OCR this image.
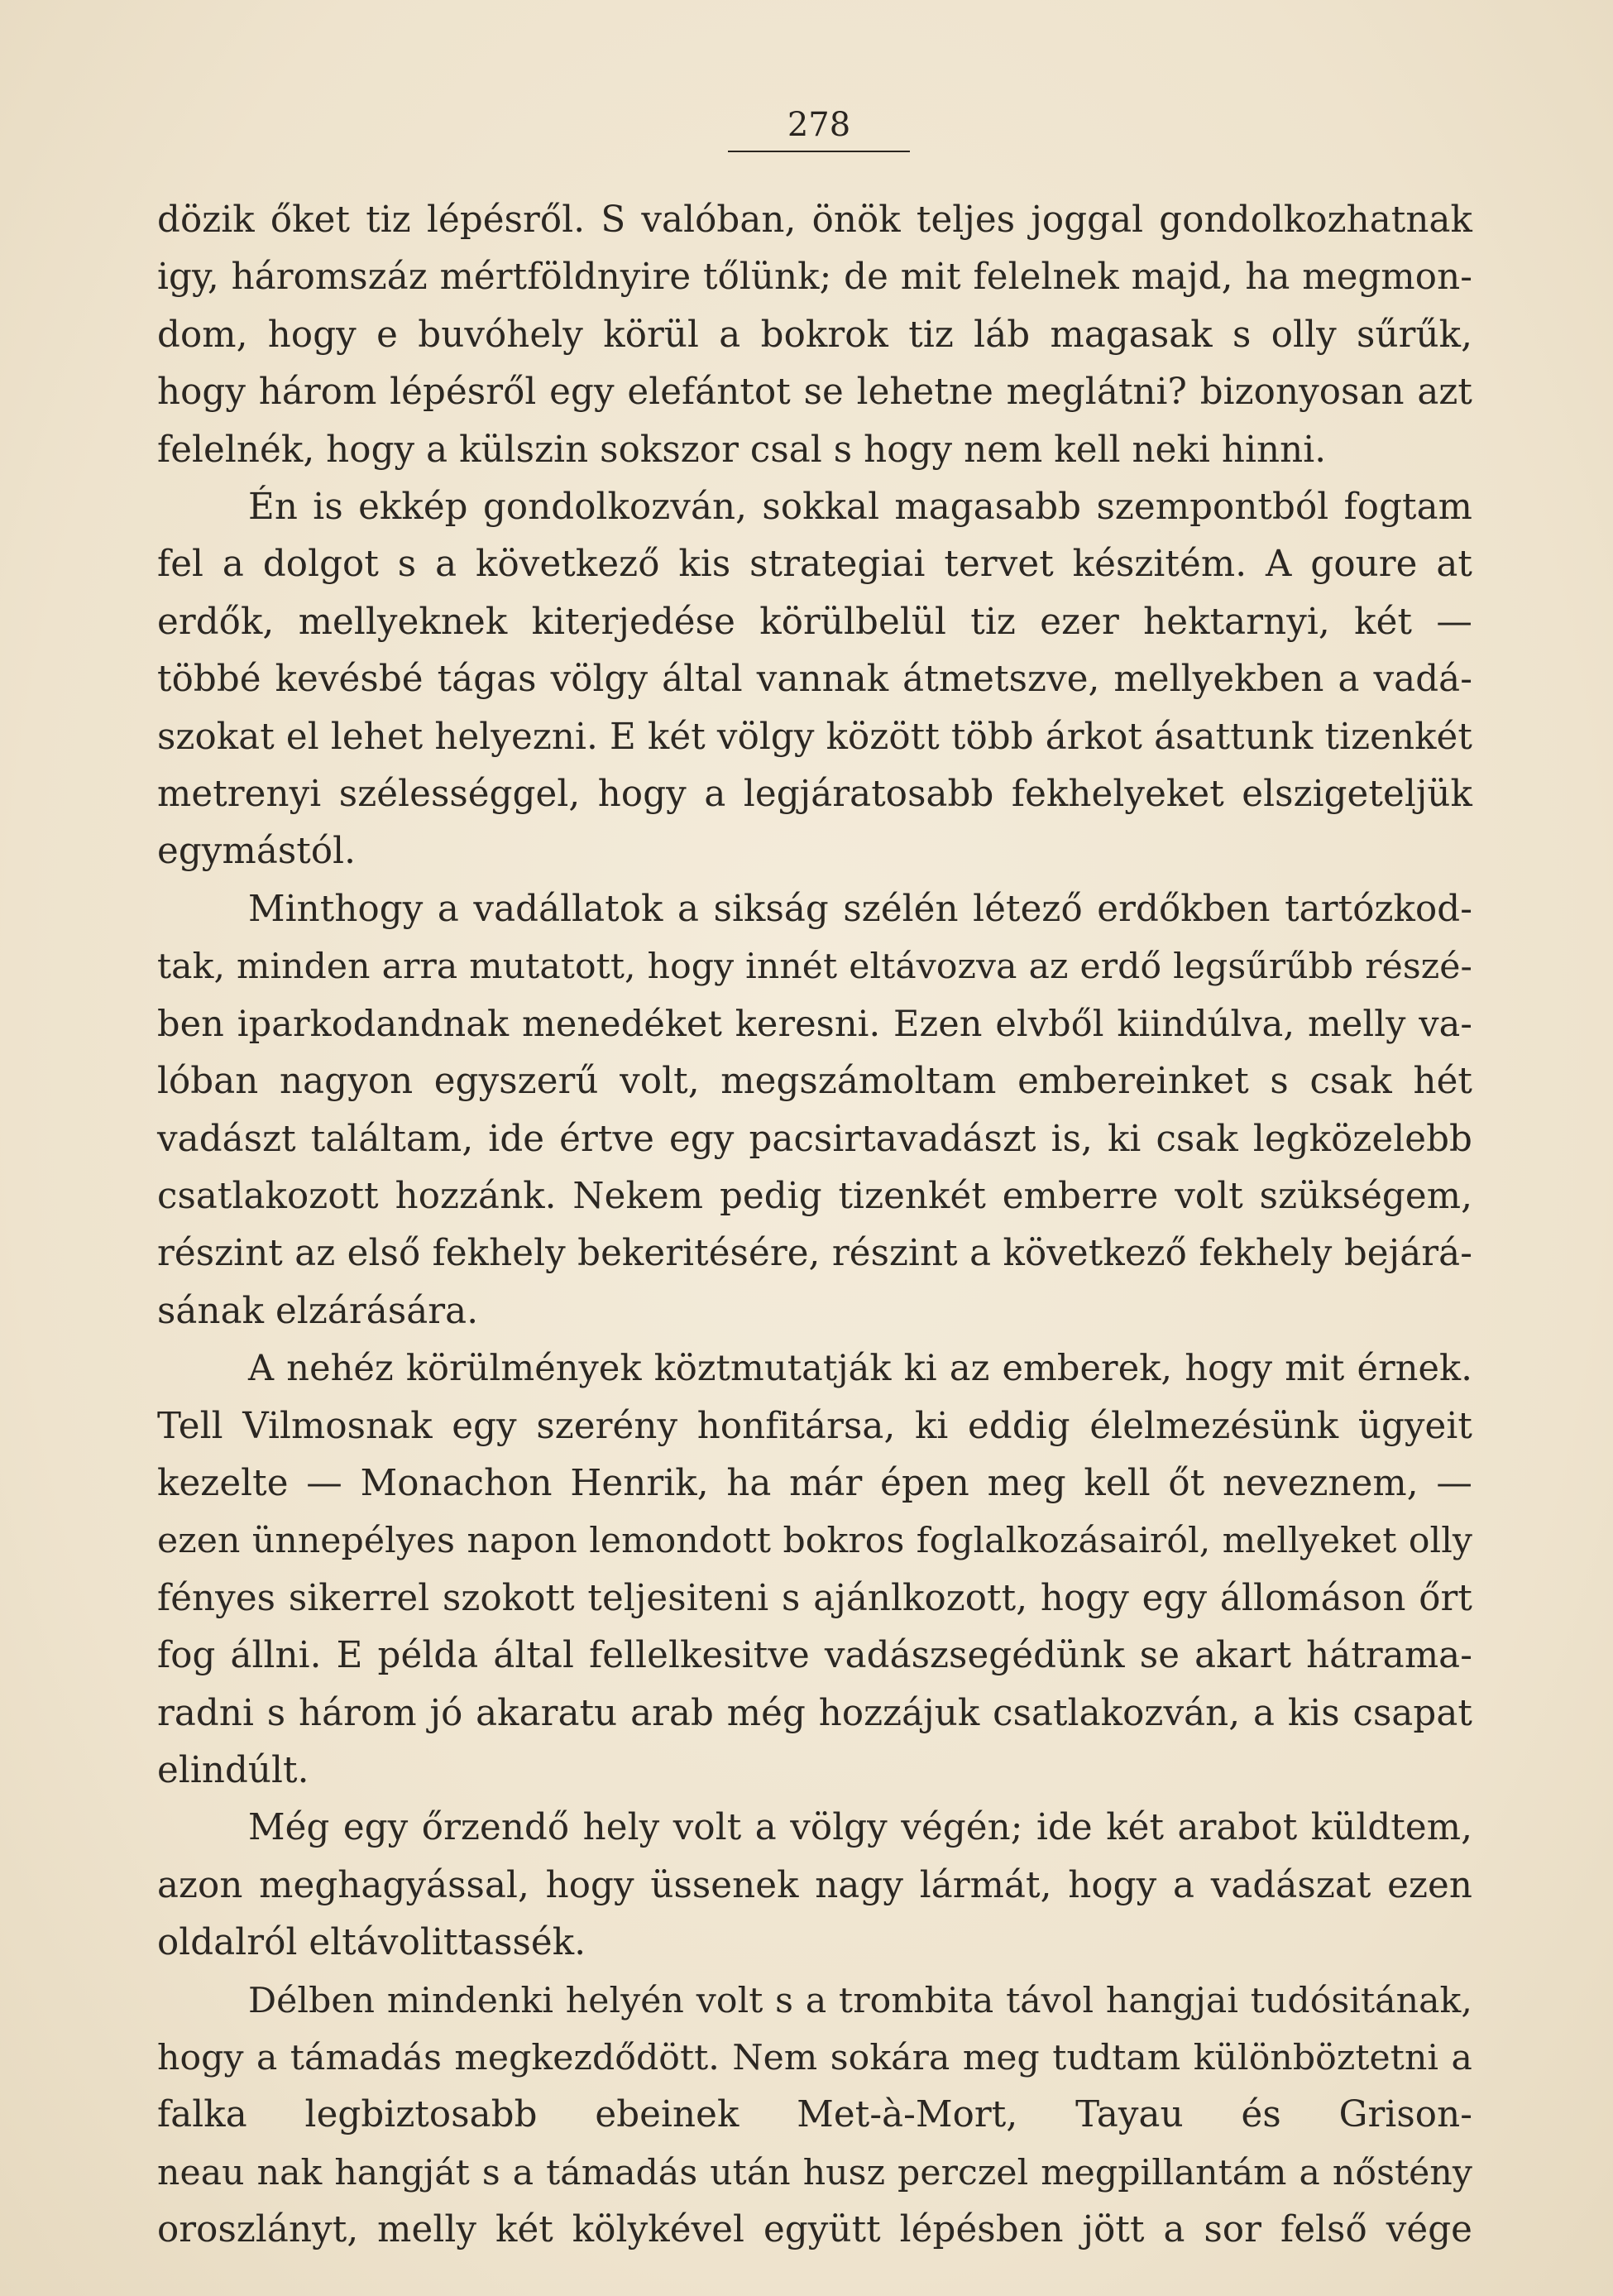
278

dözik őket tiz lépésről. S valóban, önök teljes joggal gondolkozhatnak
igy, háromszáz mértföldnyire tőlünk; de mit felelnek majd, ha megmon-
dom, hogy e buvóhely körül a bokrok tiz láb magasak s olly sűrűk,
hogy három lépésről egy elefántot se lehetne meglátni? bizonyosan azt
felelnék, hogy a külszin sokszor csal s hogy nem kell neki hinni.

Én is ekkép gondolkozván, sokkal magasabb szempontból fogtam
fel a dolgot s a következő kis strategiai tervet készitém. A goure at
erdők, mellyeknek kiterjedése körülbelül tiz ezer hektarnyi, két —
többé kevésbé tágas völgy által vannak átmetszve, mellyekben a vadá-
szokat el lehet helyezni. E két völgy között több árkot ásattunk tizenkét
metrenyi szélességgel, hogy a legjáratosabb fekhelyeket elszigeteljük
egymástól.

Minthogy a vadállatok a sikság szélén létező erdőkben tartózkod-
tak, minden arra mutatott, hogy innét eltávozva az erdő legsűrűbb részé-
ben iparkodandnak menedéket keresni. Ezen elvből kiindúlva, melly va-
lóban nagyon egyszerű volt, megszámoltam embereinket s csak hét
vadászt találtam, ide értve egy pacsirtavadászt is, ki csak legközelebb
csatlakozott hozzánk. Nekem pedig tizenkét emberre volt szükségem,
részint az első fekhely bekeritésére, részint a következő fekhely bejárá-
sának elzárására.

A nehéz körülmények köztmutatják ki az emberek, hogy mit érnek.
Tell Vilmosnak egy szerény honfitársa, ki eddig élelmezésünk ügyeit
kezelte — Monachon Henrik, ha már épen meg kell őt neveznem, —
ezen ünnepélyes napon lemondott bokros foglalkozásairól, mellyeket olly
fényes sikerrel szokott teljesiteni s ajánlkozott, hogy egy állomáson őrt
fog állni. E példa által fellelkesitve vadászsegédünk se akart hátrama-
radni s három jó akaratu arab még hozzájuk csatlakozván, a kis csapat
elindúlt.

Még egy őrzendő hely volt a völgy végén; ide két arabot küldtem,
azon meghagyással, hogy üssenek nagy lármát, hogy a vadászat ezen
oldalról eltávolittassék.

Délben mindenki helyén volt s a trombita távol hangjai tudósitának,
hogy a támadás megkezdődött. Nem sokára meg tudtam különböztetni a
falka legbiztosabb ebeinek Met-à-Mort, Tayau és Grison-
neau nak hangját s a támadás után husz perczel megpillantám a nőstény
oroszlányt, melly két kölykével együtt lépésben jött a sor felső vége
